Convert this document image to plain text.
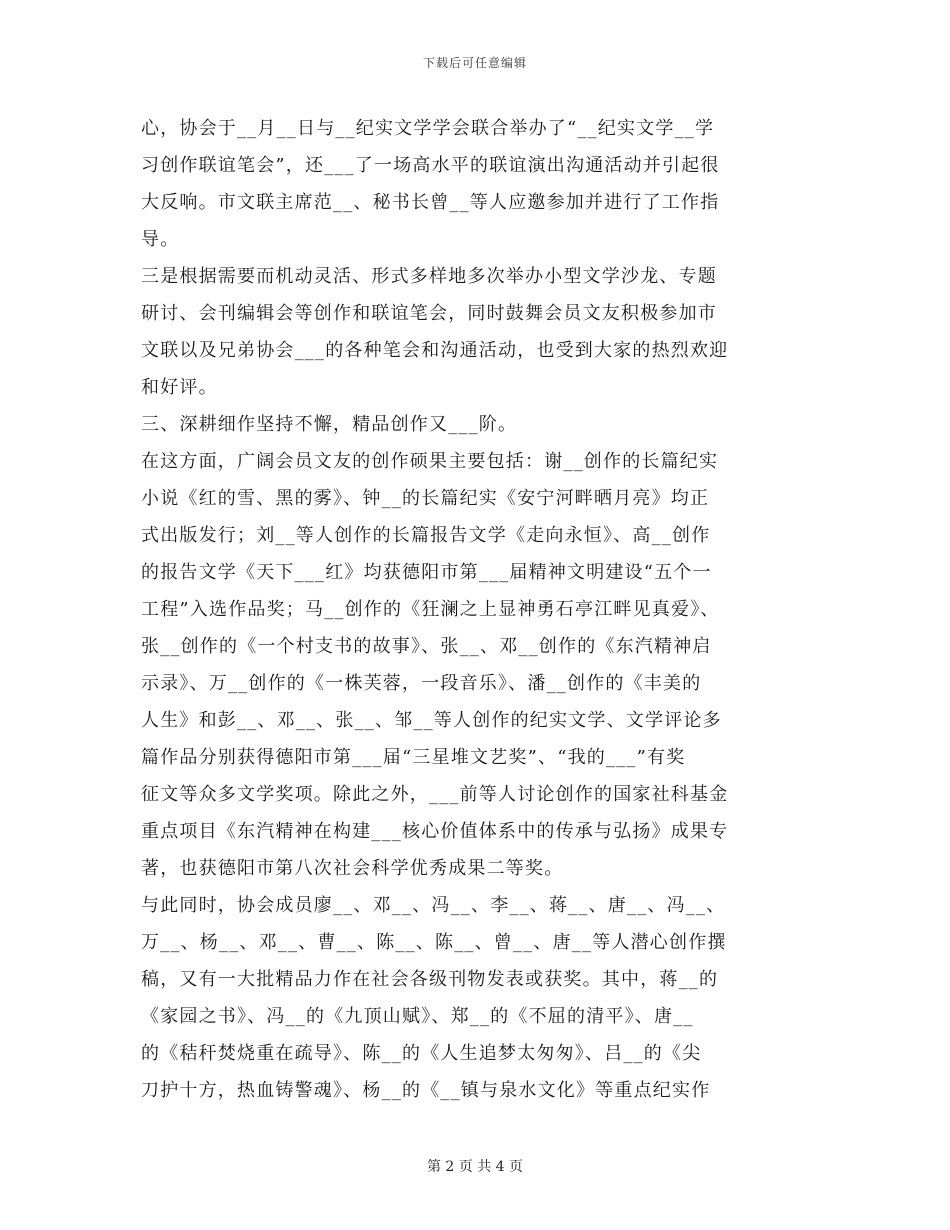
下载后可任意编辑
心，协会于__月__日与__纪实文学学会联合举办了“__纪实文学__学
习创作联谊笔会”，还___了一场高水平的联谊演出沟通活动并引起很
大反响。市文联主席范__、秘书长曾__等人应邀参加并进行了工作指
导。
三是根据需要而机动灵活、形式多样地多次举办小型文学沙龙、专题
研讨、会刊编辑会等创作和联谊笔会，同时鼓舞会员文友积极参加市
文联以及兄弟协会___的各种笔会和沟通活动，也受到大家的热烈欢迎
和好评。
三、深耕细作坚持不懈，精品创作又___阶。
在这方面，广阔会员文友的创作硕果主要包括：谢__创作的长篇纪实
小说《红的雪、黑的雾》、钟__的长篇纪实《安宁河畔晒月亮》均正
式出版发行；刘__等人创作的长篇报告文学《走向永恒》、高__创作
的报告文学《天下___红》均获德阳市第___届精神文明建设“五个一
工程”入选作品奖；马__创作的《狂澜之上显神勇石亭江畔见真爱》、
张__创作的《一个村支书的故事》、张__、邓__创作的《东汽精神启
示录》、万__创作的《一株芙蓉，一段音乐》、潘__创作的《丰美的
人生》和彭__、邓__、张__、邹__等人创作的纪实文学、文学评论多
篇作品分别获得德阳市第___届“三星堆文艺奖”、“我的___”有奖
征文等众多文学奖项。除此之外，___前等人讨论创作的国家社科基金
重点项目《东汽精神在构建___核心价值体系中的传承与弘扬》成果专
著，也获德阳市第八次社会科学优秀成果二等奖。
与此同时，协会成员廖__、邓__、冯__、李__、蒋__、唐__、冯__、
万__、杨__、邓__、曹__、陈__、陈__、曾__、唐__等人潜心创作撰
稿，又有一大批精品力作在社会各级刊物发表或获奖。其中，蒋__的
《家园之书》、冯__的《九顶山赋》、郑__的《不屈的清平》、唐__
的《秸秆焚烧重在疏导》、陈__的《人生追梦太匆匆》、吕__的《尖
刀护十方，热血铸警魂》、杨__的《__镇与泉水文化》等重点纪实作
第 2 页 共 4 页
